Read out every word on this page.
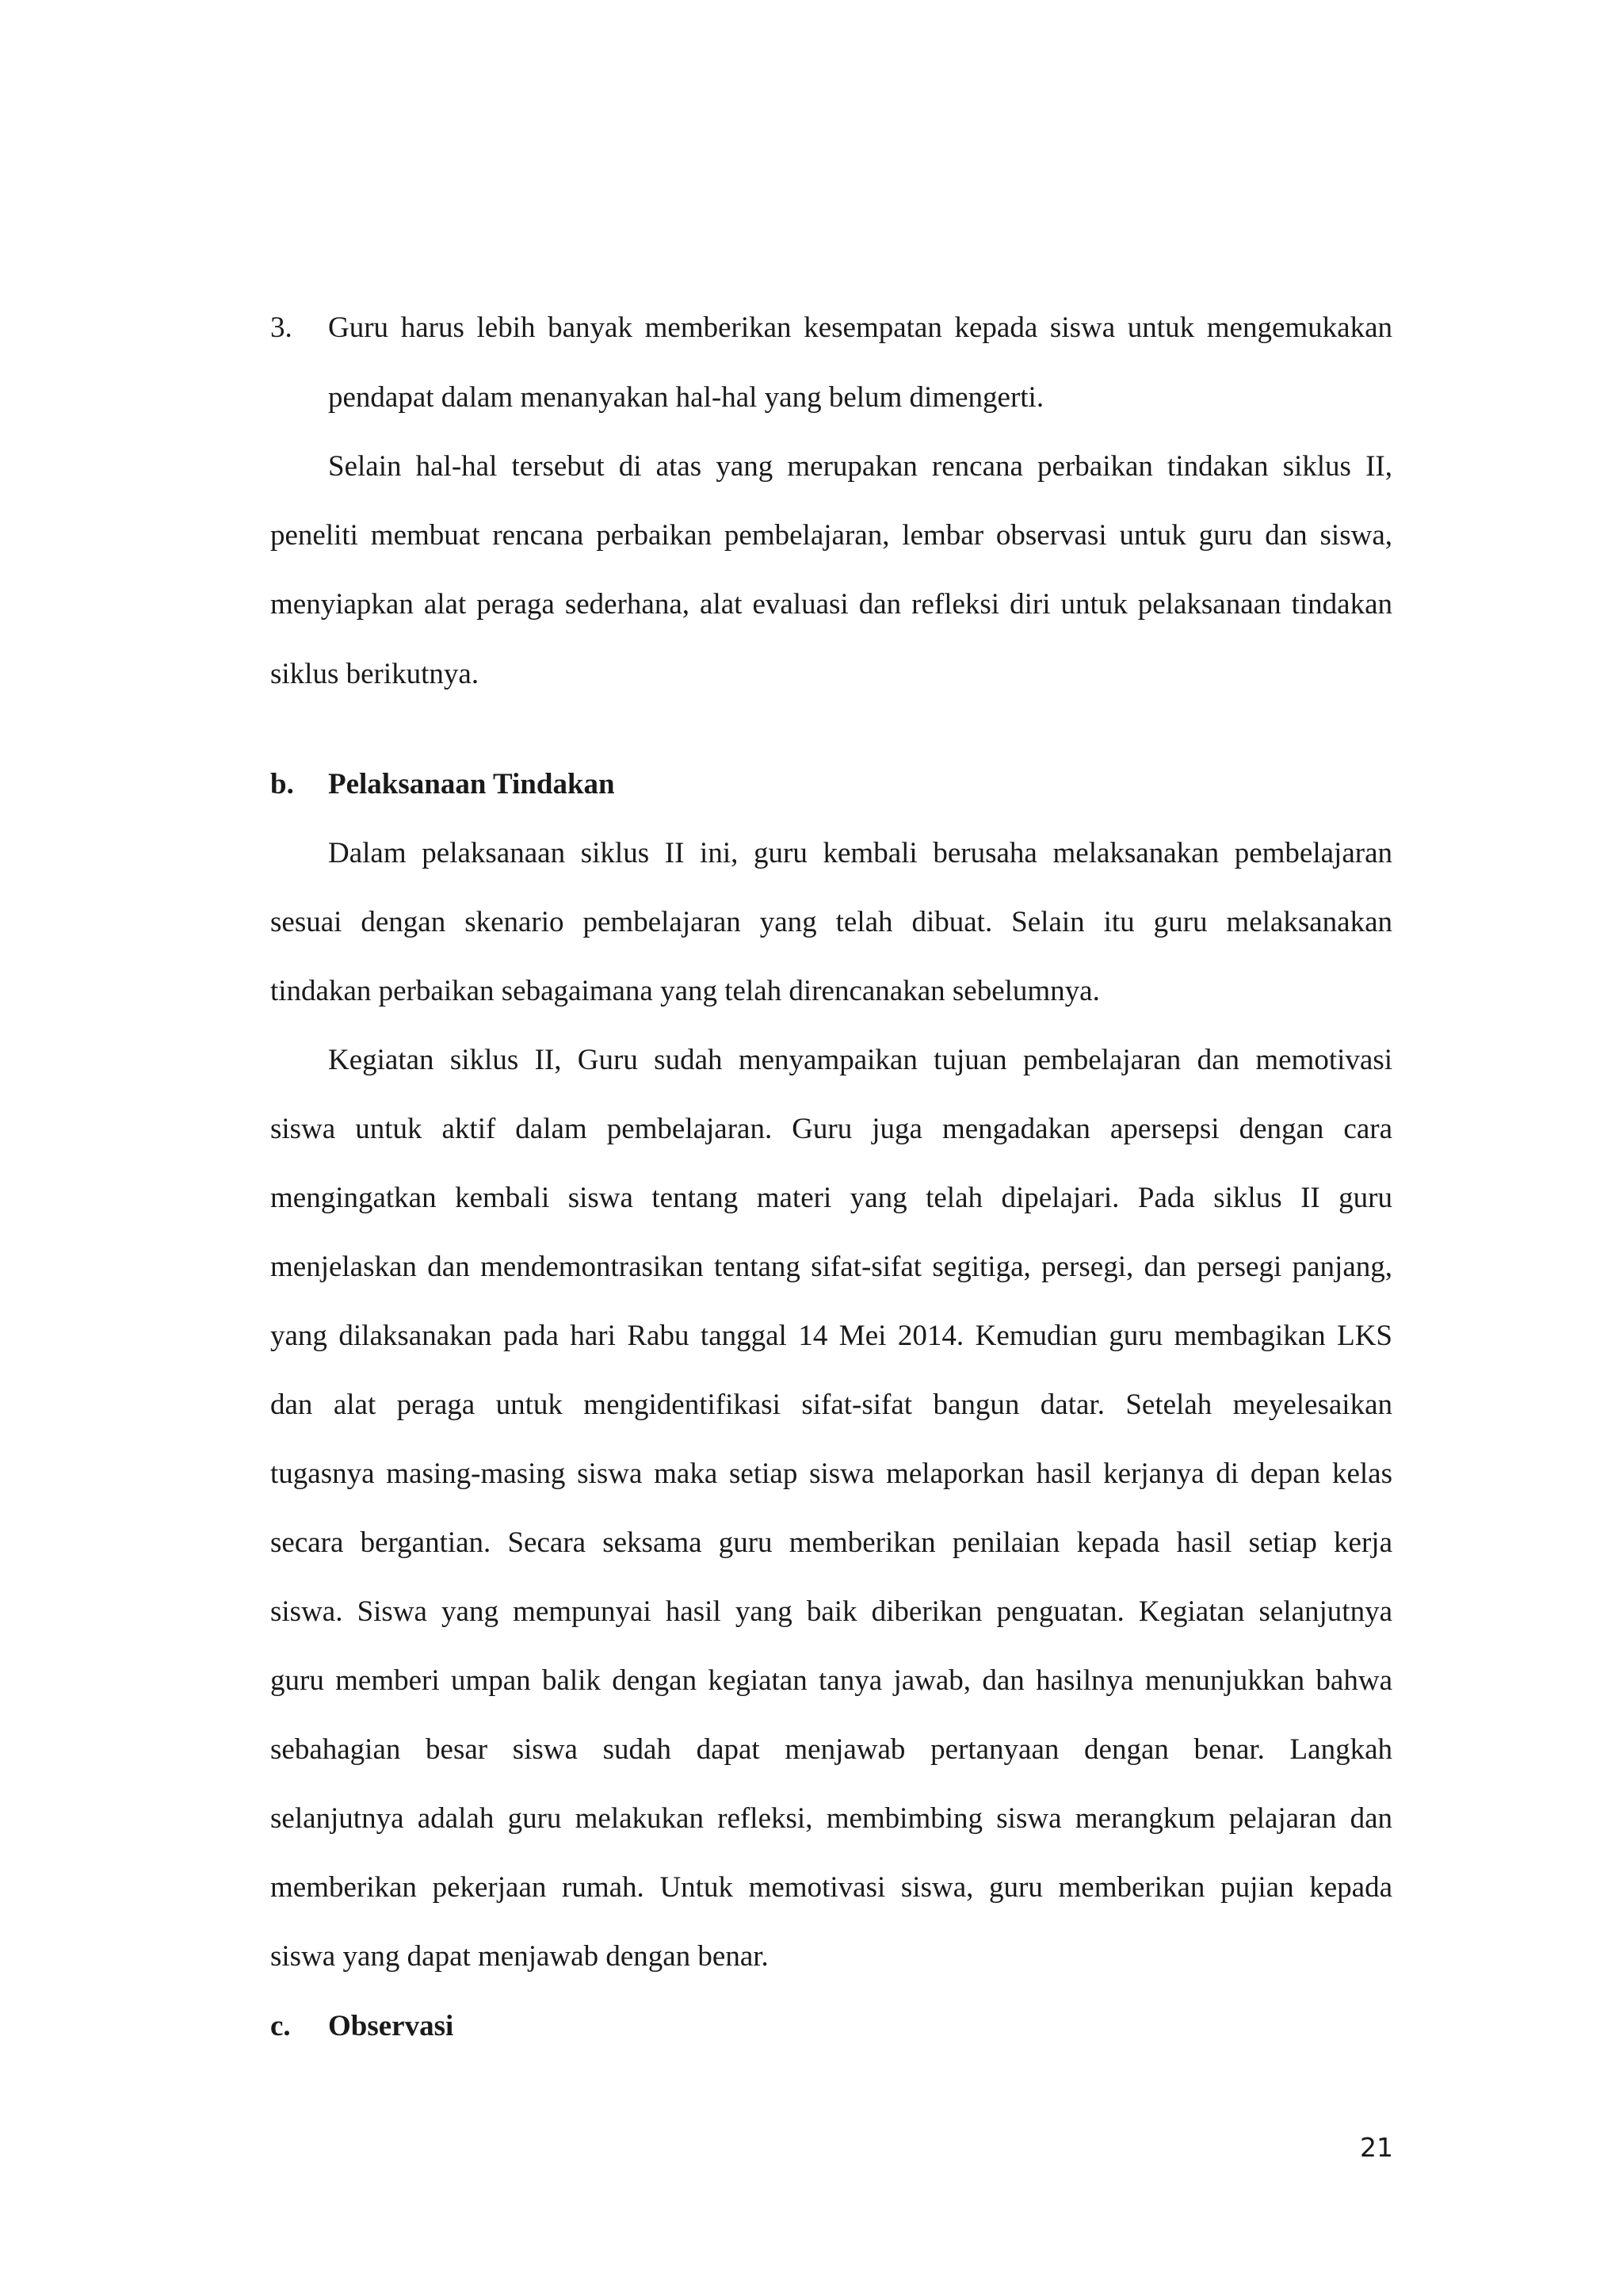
3. Guru harus lebih banyak memberikan kesempatan kepada siswa untuk mengemukakan
pendapat dalam menanyakan hal-hal yang belum dimengerti.
Selain hal-hal tersebut di atas yang merupakan rencana perbaikan tindakan siklus II,
peneliti membuat rencana perbaikan pembelajaran, lembar observasi untuk guru dan siswa,
menyiapkan alat peraga sederhana, alat evaluasi dan refleksi diri untuk pelaksanaan tindakan
siklus berikutnya.
b. Pelaksanaan Tindakan
Dalam pelaksanaan siklus II ini, guru kembali berusaha melaksanakan pembelajaran
sesuai dengan skenario pembelajaran yang telah dibuat. Selain itu guru melaksanakan
tindakan perbaikan sebagaimana yang telah direncanakan sebelumnya.
Kegiatan siklus II, Guru sudah menyampaikan tujuan pembelajaran dan memotivasi
siswa untuk aktif dalam pembelajaran. Guru juga mengadakan apersepsi dengan cara
mengingatkan kembali siswa tentang materi yang telah dipelajari. Pada siklus II guru
menjelaskan dan mendemontrasikan tentang sifat-sifat segitiga, persegi, dan persegi panjang,
yang dilaksanakan pada hari Rabu tanggal 14 Mei 2014. Kemudian guru membagikan LKS
dan alat peraga untuk mengidentifikasi sifat-sifat bangun datar. Setelah meyelesaikan
tugasnya masing-masing siswa maka setiap siswa melaporkan hasil kerjanya di depan kelas
secara bergantian. Secara seksama guru memberikan penilaian kepada hasil setiap kerja
siswa. Siswa yang mempunyai hasil yang baik diberikan penguatan. Kegiatan selanjutnya
guru memberi umpan balik dengan kegiatan tanya jawab, dan hasilnya menunjukkan bahwa
sebahagian besar siswa sudah dapat menjawab pertanyaan dengan benar. Langkah
selanjutnya adalah guru melakukan refleksi, membimbing siswa merangkum pelajaran dan
memberikan pekerjaan rumah. Untuk memotivasi siswa, guru memberikan pujian kepada
siswa yang dapat menjawab dengan benar.
c. Observasi
21
